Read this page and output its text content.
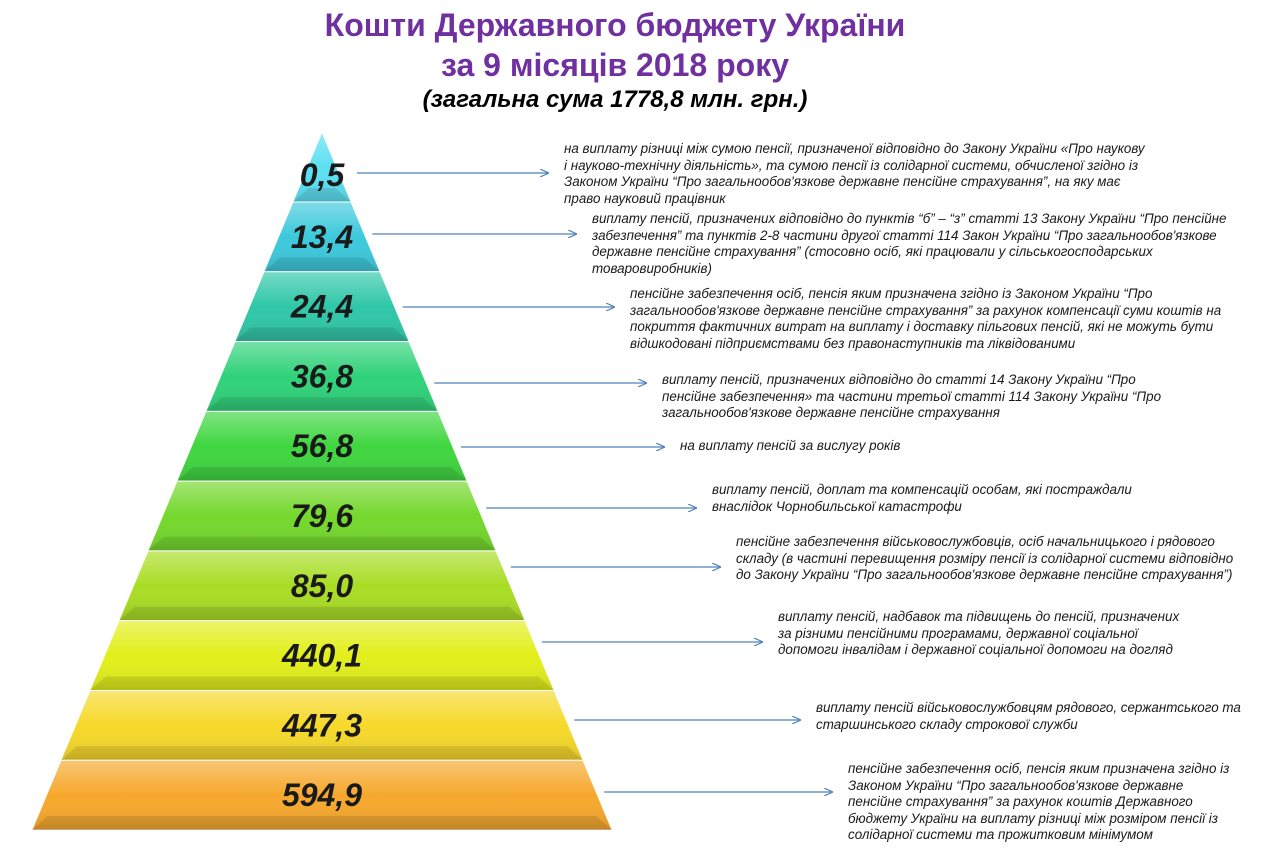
Кошти Державного бюджету України
за 9 місяців 2018 року
(загальна сума 1778,8 млн. грн.)
0,5
13,4
24,4
36,8
56,8
79,6
85,0
440,1
447,3
594,9
на виплату різниці між сумою пенсії, призначеної відповідно до Закону України «Про наукову
і науково-технічну діяльність», та сумою пенсії із солідарної системи, обчисленої згідно із
Законом України “Про загальнообов'язкове державне пенсійне страхування”, на яку має
право науковий працівник
виплату пенсій, призначених відповідно до пунктів “б” – “з” статті 13 Закону України “Про пенсійне
забезпечення” та пунктів 2-8 частини другої статті 114 Закон України “Про загальнообов'язкове
державне пенсійне страхування” (стосовно осіб, які працювали у сільськогосподарських
товаровиробників)
пенсійне забезпечення осіб, пенсія яким призначена згідно із Законом України “Про
загальнообов'язкове державне пенсійне страхування” за рахунок компенсації суми коштів на
покриття фактичних витрат на виплату і доставку пільгових пенсій, які не можуть бути
відшкодовані підприємствами без правонаступників та ліквідованими
виплату пенсій, призначених відповідно до статті 14 Закону України “Про
пенсійне забезпечення» та частини третьої статті 114 Закону України “Про
загальнообов'язкове державне пенсійне страхування
на виплату пенсій за вислугу років
виплату пенсій, доплат та компенсацій особам, які постраждали
внаслідок Чорнобильської катастрофи
пенсійне забезпечення військовослужбовців, осіб начальницького і рядового
складу (в частині перевищення розміру пенсії із солідарної системи відповідно
до Закону України “Про загальнообов'язкове державне пенсійне страхування”)
виплату пенсій, надбавок та підвищень до пенсій, призначених
за різними пенсійними програмами, державної соціальної
допомоги інвалідам і державної соціальної допомоги на догляд
виплату пенсій військовослужбовцям рядового, сержантського та
старшинського складу строкової служби
пенсійне забезпечення осіб, пенсія яким призначена згідно із
Законом України “Про загальнообов'язкове державне
пенсійне страхування” за рахунок коштів Державного
бюджету України на виплату різниці між розміром пенсії із
солідарної системи та прожитковим мінімумом
